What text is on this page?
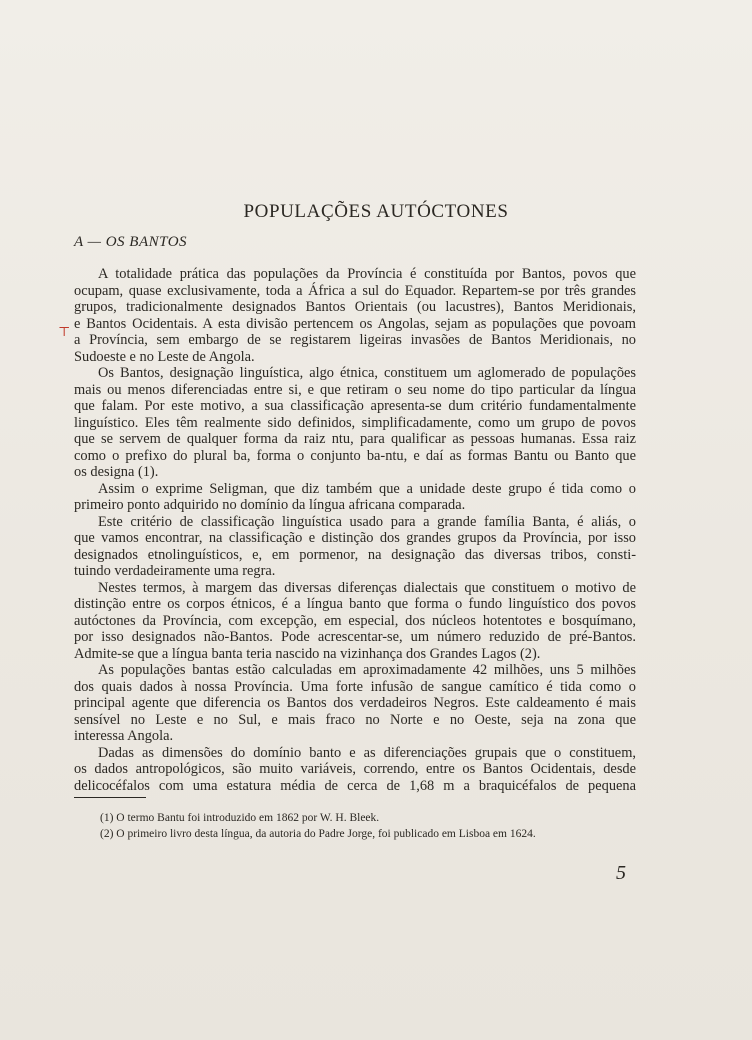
POPULAÇÕES AUTÓCTONES
A — OS BANTOS
⊤
A totalidade prática das populações da Província é constituída por Bantos, povos que
ocupam, quase exclusivamente, toda a África a sul do Equador. Repartem-se por três grandes
grupos, tradicionalmente designados Bantos Orientais (ou lacustres), Bantos Meridionais,
e Bantos Ocidentais. A esta divisão pertencem os Angolas, sejam as populações que povoam
a Província, sem embargo de se registarem ligeiras invasões de Bantos Meridionais, no
Sudoeste e no Leste de Angola.
Os Bantos, designação linguística, algo étnica, constituem um aglomerado de populações
mais ou menos diferenciadas entre si, e que retiram o seu nome do tipo particular da língua
que falam. Por este motivo, a sua classificação apresenta-se dum critério fundamentalmente
linguístico. Eles têm realmente sido definidos, simplificadamente, como um grupo de povos
que se servem de qualquer forma da raiz ntu, para qualificar as pessoas humanas. Essa raiz
como o prefixo do plural ba, forma o conjunto ba-ntu, e daí as formas Bantu ou Banto que
os designa (1).
Assim o exprime Seligman, que diz também que a unidade deste grupo é tida como o
primeiro ponto adquirido no domínio da língua africana comparada.
Este critério de classificação linguística usado para a grande família Banta, é aliás, o
que vamos encontrar, na classificação e distinção dos grandes grupos da Província, por isso
designados etnolinguísticos, e, em pormenor, na designação das diversas tribos, consti-
tuindo verdadeiramente uma regra.
Nestes termos, à margem das diversas diferenças dialectais que constituem o motivo de
distinção entre os corpos étnicos, é a língua banto que forma o fundo linguístico dos povos
autóctones da Província, com excepção, em especial, dos núcleos hotentotes e bosquímano,
por isso designados não-Bantos. Pode acrescentar-se, um número reduzido de pré-Bantos.
Admite-se que a língua banta teria nascido na vizinhança dos Grandes Lagos (2).
As populações bantas estão calculadas em aproximadamente 42 milhões, uns 5 milhões
dos quais dados à nossa Província. Uma forte infusão de sangue camítico é tida como o
principal agente que diferencia os Bantos dos verdadeiros Negros. Este caldeamento é mais
sensível no Leste e no Sul, e mais fraco no Norte e no Oeste, seja na zona que
interessa Angola.
Dadas as dimensões do domínio banto e as diferenciações grupais que o constituem,
os dados antropológicos, são muito variáveis, correndo, entre os Bantos Ocidentais, desde
delicocéfalos com uma estatura média de cerca de 1,68 m a braquicéfalos de pequena
(1) O termo Bantu foi introduzido em 1862 por W. H. Bleek.
(2) O primeiro livro desta língua, da autoria do Padre Jorge, foi publicado em Lisboa em 1624.
5
